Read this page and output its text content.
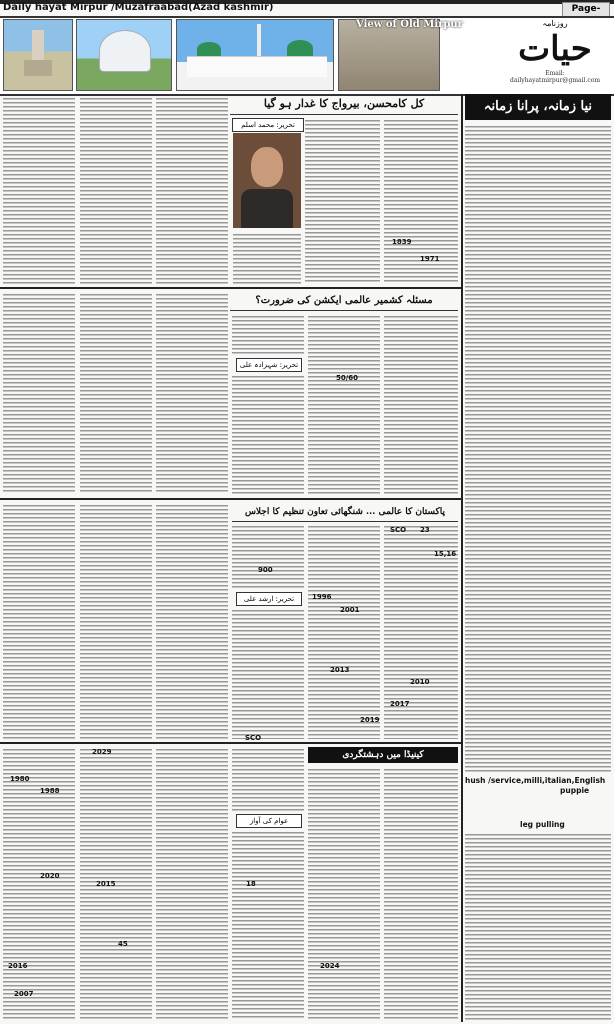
Daily hayat Mirpur /Muzafraabad(Azad kashmir)	Page-
View of Old Mirpur	روزنامہ
حیات
Email: dailyhayatmirpur@gmail.com
نیا زمانہ، پرانا زمانہ
hush /service,milli,italian,English
puppie
leg pulling
کل کامحسن، بیرواج کا غدار ہو گیا
تحریر: محمد اسلم
1839
1971
مسئلہ کشمیر عالمی ایکشن کی ضرورت؟
تحریر: شہزادہ علی
50/60
پاکستان کا عالمی ... شنگھائی تعاون تنظیم کا اجلاس
تحریر: ارشد علی
SCO 23
15,16
1996
2001
900
2017
2019
SCO
2010
2013
کینیڈا میں دہشتگردی
عوام کی آواز
2029
1980
1988
2015
2016
2020
2024
2007
18
45
